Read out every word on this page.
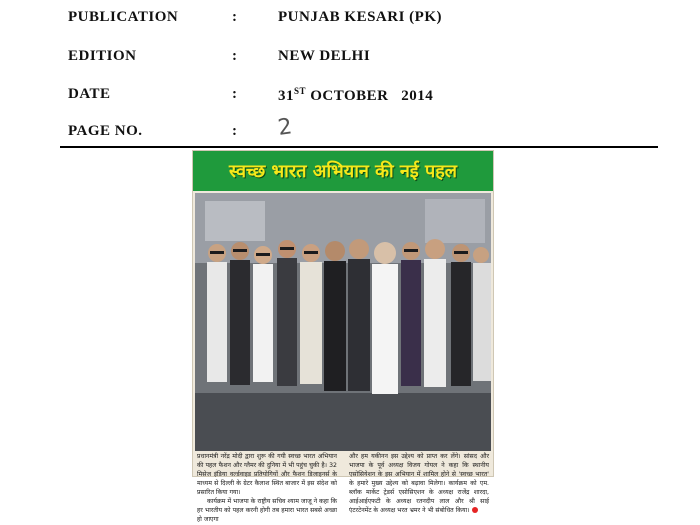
PUBLICATION	:	PUNJAB KESARI (PK)
EDITION	:	NEW DELHI
DATE	:	31ST OCTOBER   2014
PAGE NO.	: 2
स्वच्छ भारत अभियान की नई पहल

प्रधानमंत्री नरेंद्र मोदी द्वारा शुरू की गयी स्वच्छ भारत अभियान की पहल फैशन और ग्लैमर की दुनिया में भी पहुंच चुकी है। 32 मिसेज इंडिया वर्ल्डवाइड प्रतियोगियों और फैशन डिजाइनर्स के माध्यम से दिल्ली के ग्रेटर कैलाश स्थित बाजार में इस संदेश को प्रसारित किया गया।

कार्यक्रम में भाजपा के राष्ट्रीय सचिव श्याम जाजू ने कहा कि हर भारतीय को पहल करनी होगी तब हमारा भारत सबसे अच्छा हो जाएगा

और हम यकीनन इस उद्देश्य को प्राप्त कर लेंगे। सांसद और भाजपा के पूर्व अध्यक्ष विजय गोयल ने कहा कि स्थानीय एसोसियेशन के इस अभियान में शामिल होने से 'स्वच्छ भारत' के हमारे मुख्य उद्देश्य को बढ़ावा मिलेगा। कार्यक्रम को एम. ब्लॉक मार्केट ट्रेडर्स एसोसिएशन के अध्यक्ष राजेंद्र शारदा, आईआईएफटी के अध्यक्ष रतनदीप लाल और श्री साई एंटरटेनमेंट के अध्यक्ष भरत भ्रमर ने भी संबोधित किया।
